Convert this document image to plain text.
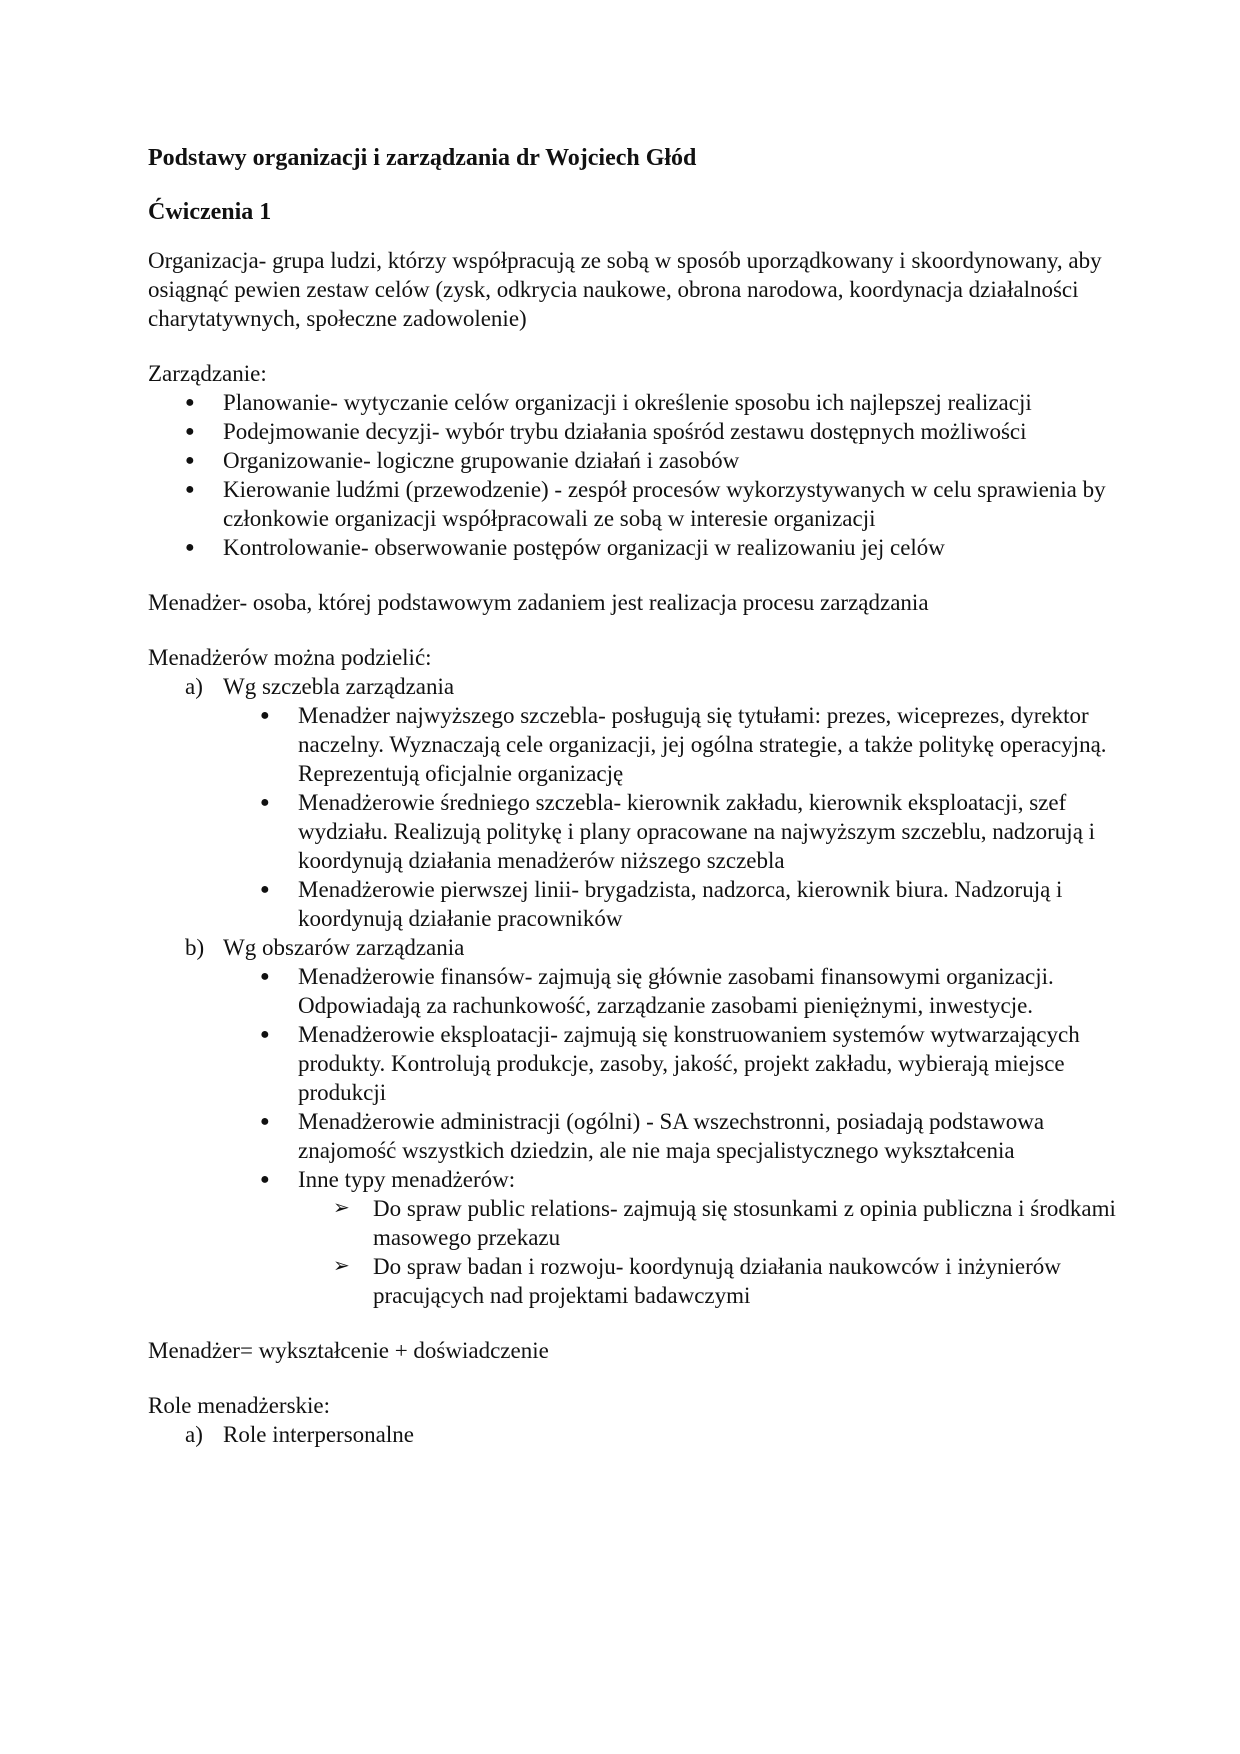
Podstawy organizacji i zarządzania dr Wojciech Głód
Ćwiczenia 1

Organizacja- grupa ludzi, którzy współpracują ze sobą w sposób uporządkowany i skoordynowany, aby osiągnąć pewien zestaw celów (zysk, odkrycia naukowe, obrona narodowa, koordynacja działalności charytatywnych, społeczne zadowolenie)

Zarządzanie:

● Planowanie- wytyczanie celów organizacji i określenie sposobu ich najlepszej realizacji
● Podejmowanie decyzji- wybór trybu działania spośród zestawu dostępnych możliwości
● Organizowanie- logiczne grupowanie działań i zasobów
● Kierowanie ludźmi (przewodzenie) - zespół procesów wykorzystywanych w celu sprawienia by członkowie organizacji współpracowali ze sobą w interesie organizacji
● Kontrolowanie- obserwowanie postępów organizacji w realizowaniu jej celów

Menadżer- osoba, której podstawowym zadaniem jest realizacja procesu zarządzania

Menadżerów można podzielić:

a) Wg szczebla zarządzania
● Menadżer najwyższego szczebla- posługują się tytułami: prezes, wiceprezes, dyrektor naczelny. Wyznaczają cele organizacji, jej ogólna strategie, a także politykę operacyjną. Reprezentują oficjalnie organizację
● Menadżerowie średniego szczebla- kierownik zakładu, kierownik eksploatacji, szef wydziału. Realizują politykę i plany opracowane na najwyższym szczeblu, nadzorują i koordynują działania menadżerów niższego szczebla
● Menadżerowie pierwszej linii- brygadzista, nadzorca, kierownik biura. Nadzorują i koordynują działanie pracowników
b) Wg obszarów zarządzania
● Menadżerowie finansów- zajmują się głównie zasobami finansowymi organizacji. Odpowiadają za rachunkowość, zarządzanie zasobami pieniężnymi, inwestycje.
● Menadżerowie eksploatacji- zajmują się konstruowaniem systemów wytwarzających produkty. Kontrolują produkcje, zasoby, jakość, projekt zakładu, wybierają miejsce produkcji
● Menadżerowie administracji (ogólni) - SA wszechstronni, posiadają podstawowa znajomość wszystkich dziedzin, ale nie maja specjalistycznego wykształcenia
● Inne typy menadżerów:
➢ Do spraw public relations- zajmują się stosunkami z opinia publiczna i środkami masowego przekazu
➢ Do spraw badan i rozwoju- koordynują działania naukowców i inżynierów pracujących nad projektami badawczymi

Menadżer= wykształcenie + doświadczenie

Role menadżerskie:

a) Role interpersonalne
